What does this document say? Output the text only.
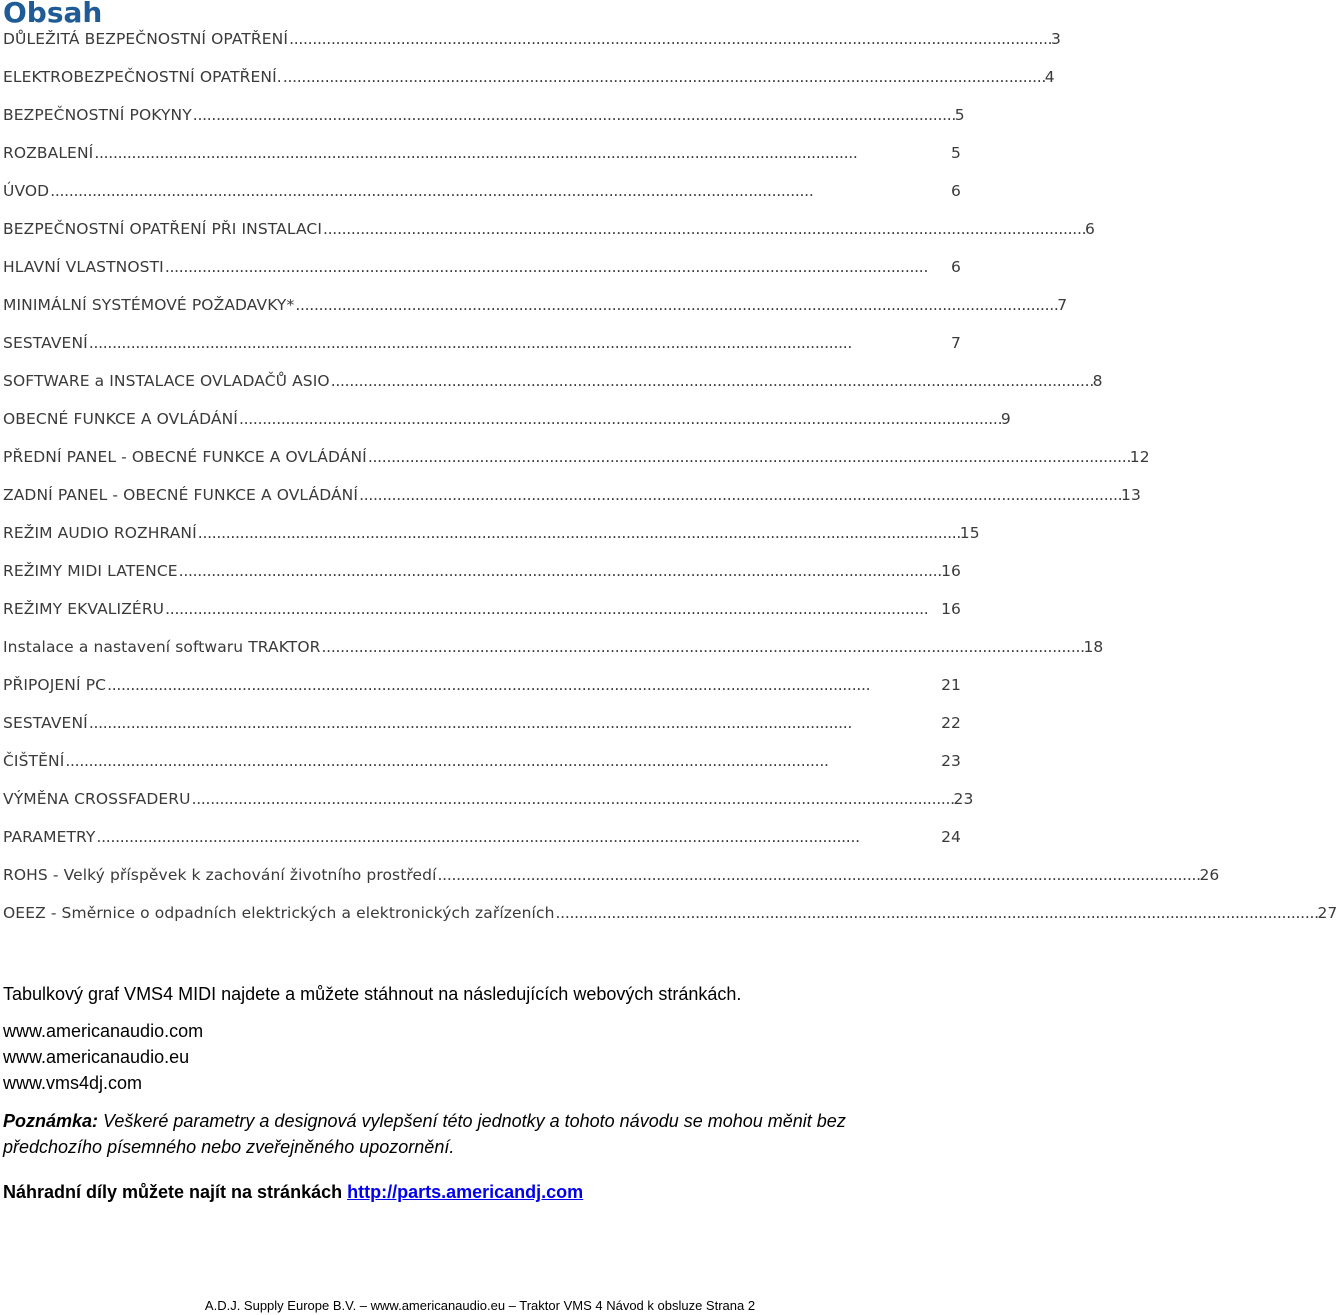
Obsah
DŮLEŽITÁ BEZPEČNOSTNÍ OPATŘENÍ . . .	3
ELEKTROBEZPEČNOSTNÍ OPATŘENÍ. . . .	4
BEZPEČNOSTNÍ POKYNY . . .	5
ROZBALENÍ . . .	5
ÚVOD . . .	6
BEZPEČNOSTNÍ OPATŘENÍ PŘI INSTALACI . . .	6
HLAVNÍ VLASTNOSTI . . .	6
MINIMÁLNÍ SYSTÉMOVÉ POŽADAVKY* . . .	7
SESTAVENÍ . . .	7
SOFTWARE a INSTALACE OVLADAČŮ ASIO . . .	8
OBECNÉ FUNKCE A OVLÁDÁNÍ . . .	9
PŘEDNÍ PANEL - OBECNÉ FUNKCE A OVLÁDÁNÍ . . .	12
ZADNÍ PANEL - OBECNÉ FUNKCE A OVLÁDÁNÍ . . .	13
REŽIM AUDIO ROZHRANÍ . . .	15
REŽIMY MIDI LATENCE . . .	16
REŽIMY EKVALIZÉRU . . .	16
Instalace a nastavení softwaru TRAKTOR . . .	18
PŘIPOJENÍ PC . . .	21
SESTAVENÍ . . .	22
ČIŠTĚNÍ . . .	23
VÝMĚNA CROSSFADERU . . .	23
PARAMETRY . . .	24
ROHS - Velký příspěvek k zachování životního prostředí . . .	26
OEEZ - Směrnice o odpadních elektrických a elektronických zařízeních . . .	27
Tabulkový graf VMS4 MIDI najdete a můžete stáhnout na následujících webových stránkách.
www.americanaudio.com
www.americanaudio.eu
www.vms4dj.com
Poznámka: Veškeré parametry a designová vylepšení této jednotky a tohoto návodu se mohou měnit bez předchozího písemného nebo zveřejněného upozornění.
Náhradní díly můžete najít na stránkách http://parts.americandj.com
A.D.J. Supply Europe B.V. – www.americanaudio.eu – Traktor VMS 4 Návod k obsluze Strana 2
